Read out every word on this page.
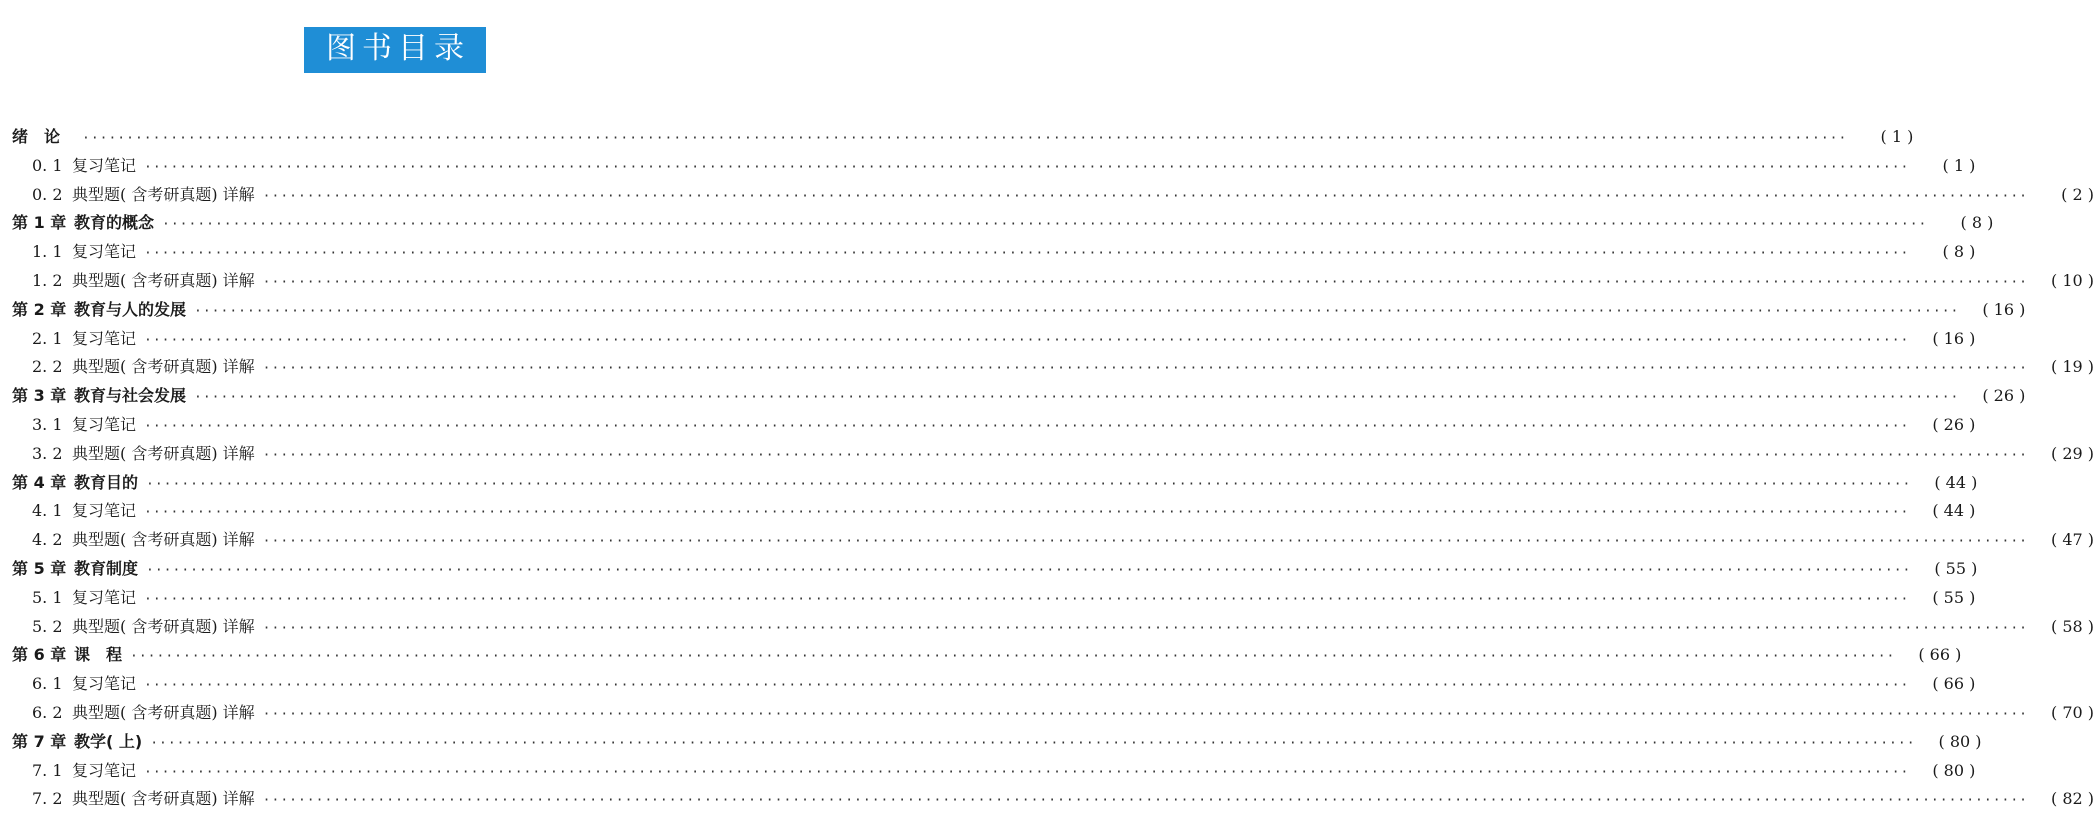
图书目录
绪　论	········································································································································································································	( 1 )
0. 1 复习笔记 ········································································································································································································	( 1 )
0. 2 典型题( 含考研真题) 详解 ········································································································································································································	( 2 )
第 1 章 教育的概念 ········································································································································································································	( 8 )
1. 1 复习笔记 ········································································································································································································	( 8 )
1. 2 典型题( 含考研真题) 详解 ········································································································································································································	( 10 )
第 2 章 教育与人的发展 ········································································································································································································	( 16 )
2. 1 复习笔记 ········································································································································································································	( 16 )
2. 2 典型题( 含考研真题) 详解 ········································································································································································································	( 19 )
第 3 章 教育与社会发展 ········································································································································································································	( 26 )
3. 1 复习笔记 ········································································································································································································	( 26 )
3. 2 典型题( 含考研真题) 详解 ········································································································································································································	( 29 )
第 4 章 教育目的 ········································································································································································································	( 44 )
4. 1 复习笔记 ········································································································································································································	( 44 )
4. 2 典型题( 含考研真题) 详解 ········································································································································································································	( 47 )
第 5 章 教育制度 ········································································································································································································	( 55 )
5. 1 复习笔记 ········································································································································································································	( 55 )
5. 2 典型题( 含考研真题) 详解 ········································································································································································································	( 58 )
第 6 章 课　程 ········································································································································································································	( 66 )
6. 1 复习笔记 ········································································································································································································	( 66 )
6. 2 典型题( 含考研真题) 详解 ········································································································································································································	( 70 )
第 7 章 教学( 上) ········································································································································································································	( 80 )
7. 1 复习笔记 ········································································································································································································	( 80 )
7. 2 典型题( 含考研真题) 详解 ········································································································································································································	( 82 )
